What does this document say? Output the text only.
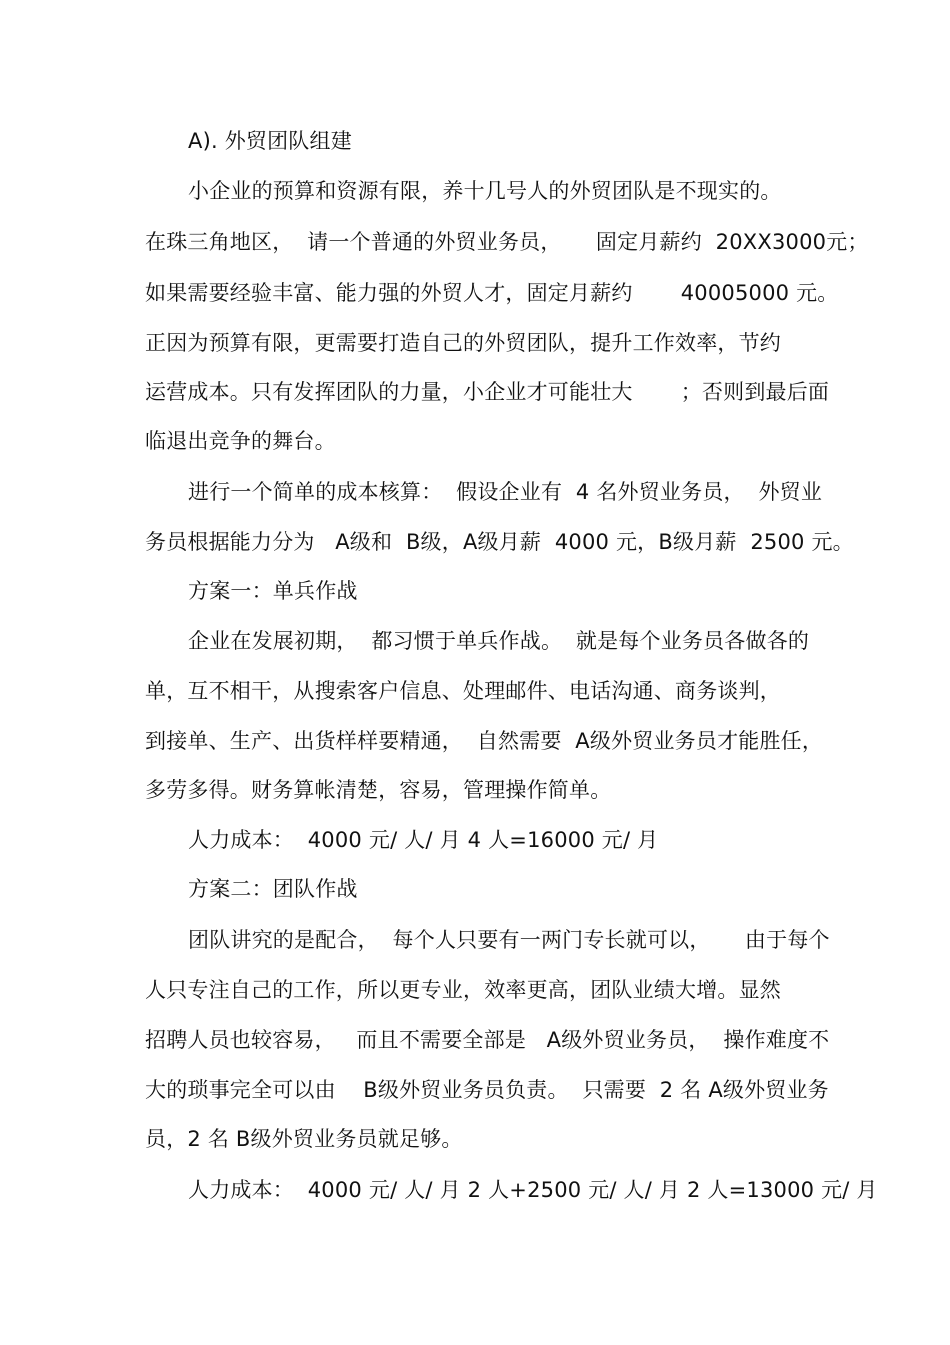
A). 外贸团队组建
小企业的预算和资源有限，养十几号人的外贸团队是不现实的。
在珠三角地区，  请一个普通的外贸业务员，     固定月薪约  20XX3000元；
如果需要经验丰富、能力强的外贸人才，固定月薪约       40005000 元。
正因为预算有限，更需要打造自己的外贸团队，提升工作效率，节约
运营成本。只有发挥团队的力量，小企业才可能壮大       ；否则到最后面
临退出竞争的舞台。
进行一个简单的成本核算：  假设企业有  4 名外贸业务员，  外贸业
务员根据能力分为   A级和  B级，A级月薪  4000 元，B级月薪  2500 元。
方案一：单兵作战
企业在发展初期，  都习惯于单兵作战。  就是每个业务员各做各的
单，互不相干，从搜索客户信息、处理邮件、电话沟通、商务谈判，
到接单、生产、出货样样要精通，  自然需要  A级外贸业务员才能胜任，
多劳多得。财务算帐清楚，容易，管理操作简单。
人力成本：  4000 元/ 人/ 月 4 人=16000 元/ 月
方案二：团队作战
团队讲究的是配合，  每个人只要有一两门专长就可以，     由于每个
人只专注自己的工作，所以更专业，效率更高，团队业绩大增。显然
招聘人员也较容易，   而且不需要全部是   A级外贸业务员，  操作难度不
大的琐事完全可以由    B级外贸业务员负责。  只需要  2 名 A级外贸业务
员，2 名 B级外贸业务员就足够。
人力成本：  4000 元/ 人/ 月 2 人+2500 元/ 人/ 月 2 人=13000 元/ 月
